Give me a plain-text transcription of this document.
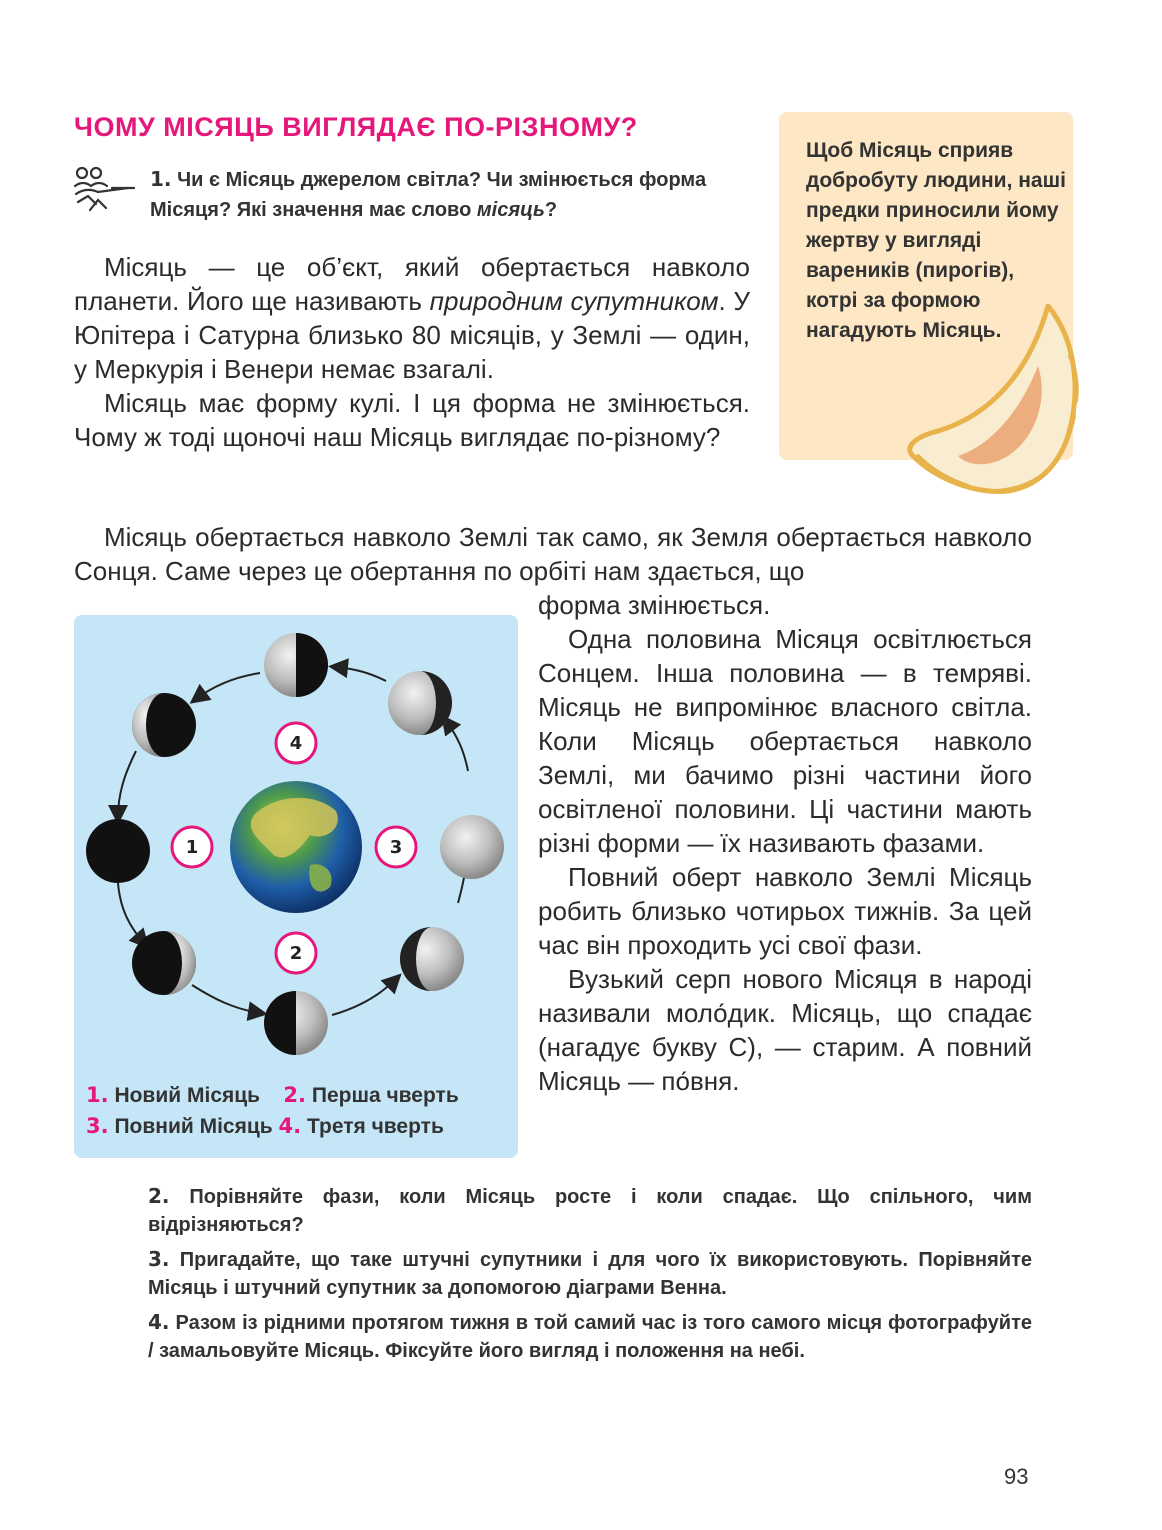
ЧОМУ МІСЯЦЬ ВИГЛЯДАЄ ПО-РІЗНОМУ?
1. Чи є Місяць джерелом світла? Чи змінюється форма Місяця? Які значення має слово місяць?

Місяць — це об’єкт, який обертається навколо планети. Його ще називають природним супутником. У Юпітера і Сатурна близько 80 місяців, у Землі — один, у Меркурія і Венери немає взагалі.

Місяць має форму кулі. І ця форма не змінюється. Чому ж тоді щоночі наш Місяць виглядає по-різному?

Щоб Місяць сприяв добробуту людини, наші предки приносили йому жертву у вигляді вареників (пирогів), котрі за формою нагадують Місяць.

Місяць обертається навколо Землі так само, як Земля обертається навколо Сонця. Саме через це обертання по орбіті нам здається, що

4
1	3
2
1. Новий Місяць 2. Перша чверть
3. Повний Місяць 4. Третя чверть

форма змінюється.

Одна половина Місяця освітлюється Сонцем. Інша половина — в темряві. Місяць не випромінює власного світла. Коли Місяць обертається навколо Землі, ми бачимо різні частини його освітленої половини. Ці частини мають різні форми — їх називають фазами.

Повний оберт навколо Землі Місяць робить близько чотирьох тижнів. За цей час він проходить усі свої фази.

Вузький серп нового Місяця в народі називали моло́дик. Місяць, що спадає (нагадує букву С), — старим. А повний Місяць — по́вня.

2. Порівняйте фази, коли Місяць росте і коли спадає. Що спільного, чим відрізняються?

3. Пригадайте, що таке штучні супутники і для чого їх використовують. Порівняйте Місяць і штучний супутник за допомогою діаграми Венна.

4. Разом із рідними протягом тижня в той самий час із того самого місця фотографуйте / замальовуйте Місяць. Фіксуйте його вигляд і положення на небі.

93
